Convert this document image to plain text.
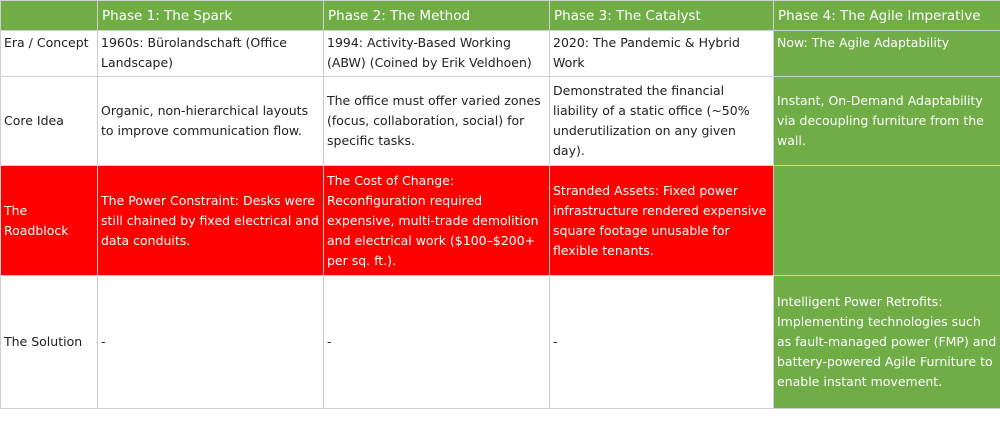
	Phase 1: The Spark	Phase 2: The Method	Phase 3: The Catalyst	Phase 4: The Agile Imperative
Era / Concept	1960s: Bürolandschaft (Office Landscape)	1994: Activity-Based Working (ABW) (Coined by Erik Veldhoen)	2020: The Pandemic & Hybrid Work	Now: The Agile Adaptability
Core Idea	Organic, non-hierarchical layouts to improve communication flow.	The office must offer varied zones (focus, collaboration, social) for specific tasks.	Demonstrated the financial liability of a static office (~50% underutilization on any given day).	Instant, On-Demand Adaptability via decoupling furniture from the wall.
The Roadblock	The Power Constraint: Desks were still chained by fixed electrical and data conduits.	The Cost of Change: Reconfiguration required expensive, multi-trade demolition and electrical work ($100–$200+ per sq. ft.).	Stranded Assets: Fixed power infrastructure rendered expensive square footage unusable for flexible tenants.	
The Solution	-	-	-	Intelligent Power Retrofits: Implementing technologies such as fault-managed power (FMP) and battery-powered Agile Furniture to enable instant movement.
